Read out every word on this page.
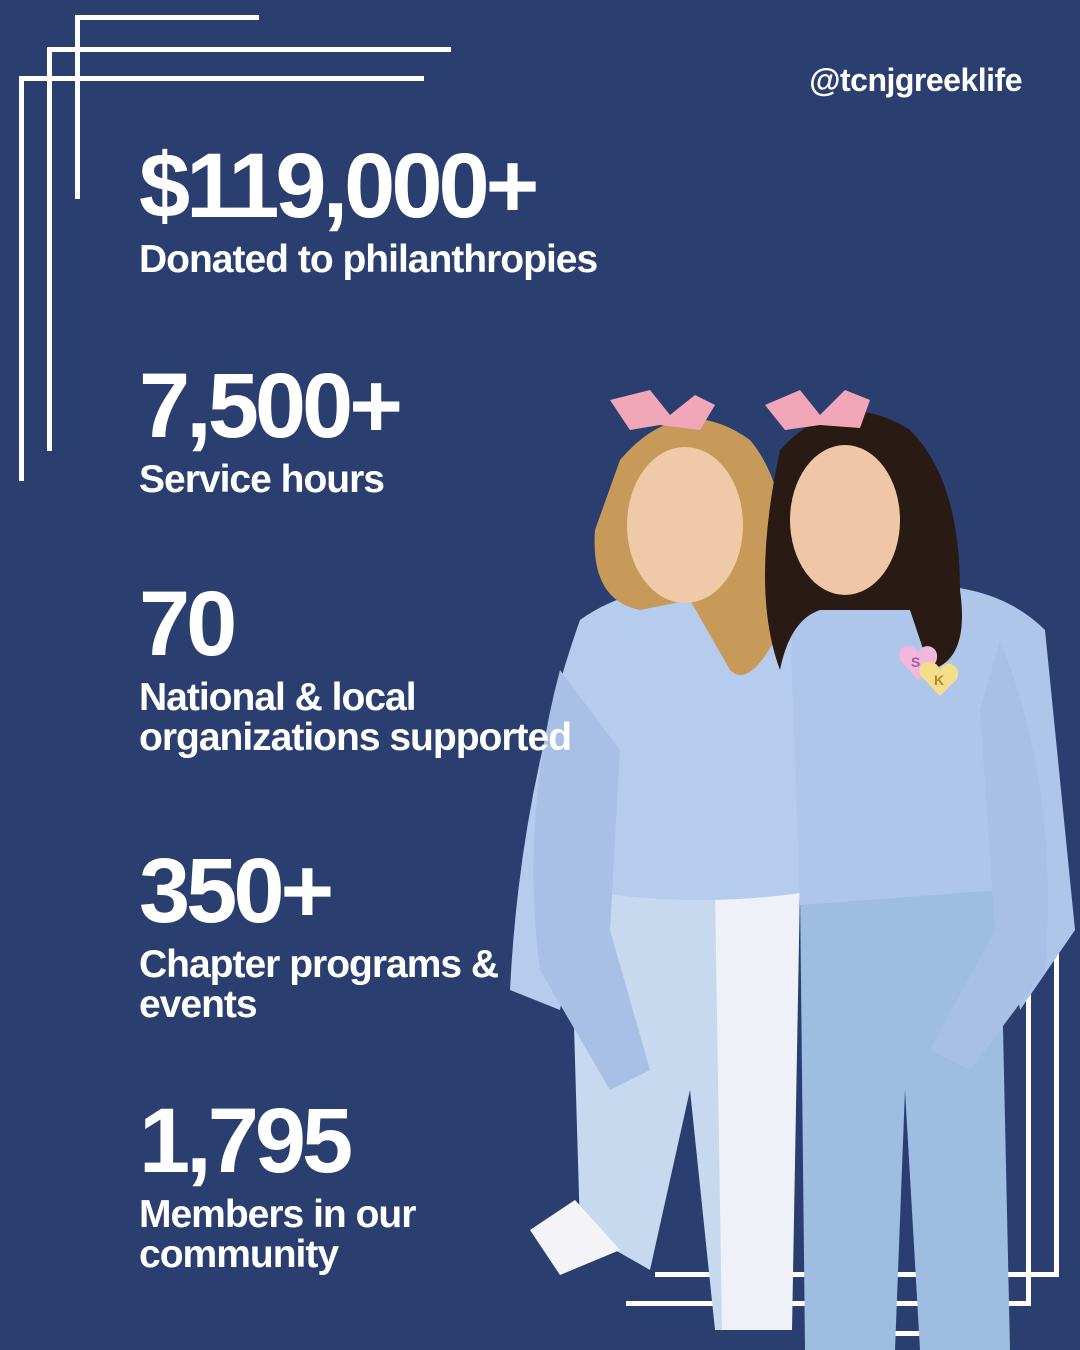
S
K
@tcnjgreeklife
$119,000+
Donated to philanthropies
7,500+
Service hours
70
National & local organizations supported
350+
Chapter programs & events
1,795
Members in our community
